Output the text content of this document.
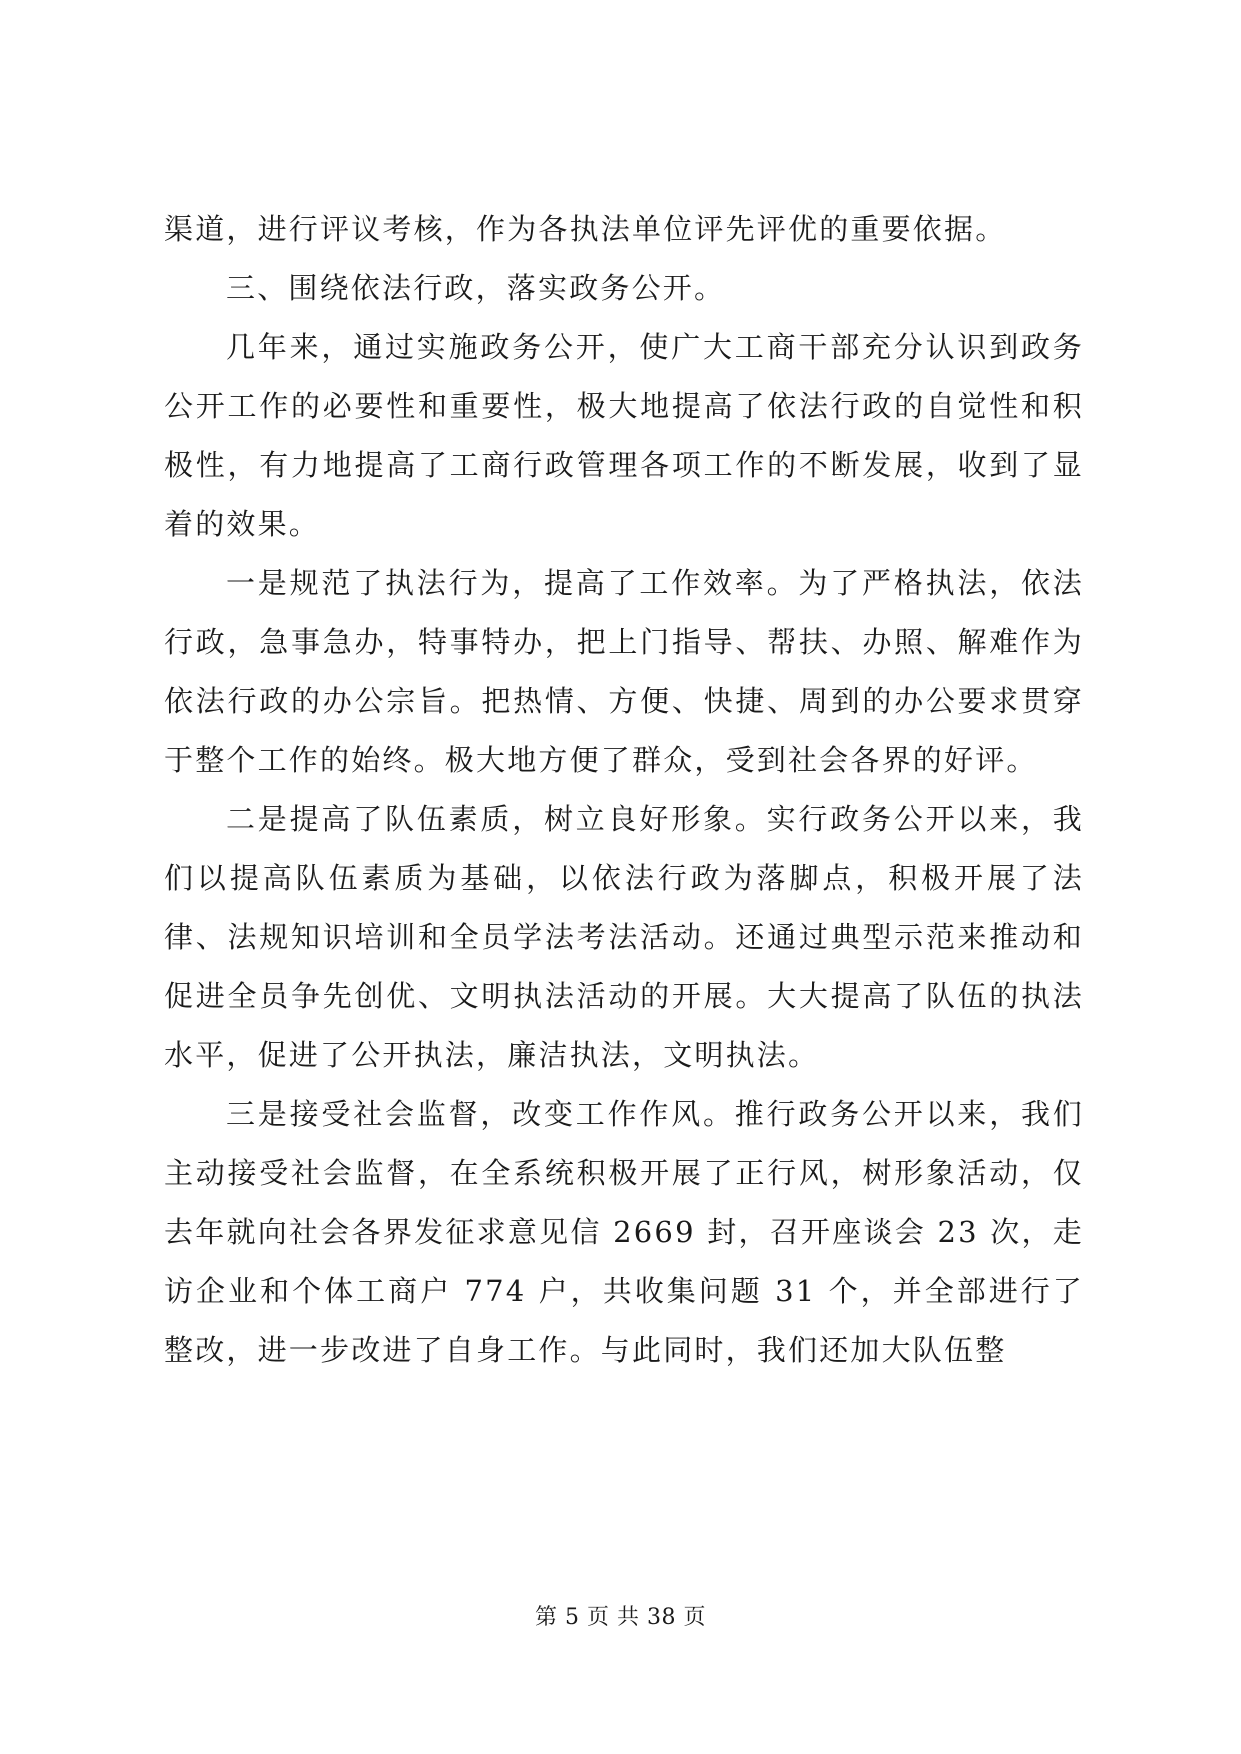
渠道，进行评议考核，作为各执法单位评先评优的重要依据。

三、围绕依法行政，落实政务公开。

几年来，通过实施政务公开，使广大工商干部充分认识到政务公开工作的必要性和重要性，极大地提高了依法行政的自觉性和积极性，有力地提高了工商行政管理各项工作的不断发展，收到了显着的效果。

一是规范了执法行为，提高了工作效率。为了严格执法，依法行政，急事急办，特事特办，把上门指导、帮扶、办照、解难作为依法行政的办公宗旨。把热情、方便、快捷、周到的办公要求贯穿于整个工作的始终。极大地方便了群众，受到社会各界的好评。

二是提高了队伍素质，树立良好形象。实行政务公开以来，我们以提高队伍素质为基础，以依法行政为落脚点，积极开展了法律、法规知识培训和全员学法考法活动。还通过典型示范来推动和促进全员争先创优、文明执法活动的开展。大大提高了队伍的执法水平，促进了公开执法，廉洁执法，文明执法。

三是接受社会监督，改变工作作风。推行政务公开以来，我们主动接受社会监督，在全系统积极开展了正行风，树形象活动，仅去年就向社会各界发征求意见信 2669 封，召开座谈会 23 次，走访企业和个体工商户 774 户，共收集问题 31 个，并全部进行了整改，进一步改进了自身工作。与此同时，我们还加大队伍整

第 5 页 共 38 页
